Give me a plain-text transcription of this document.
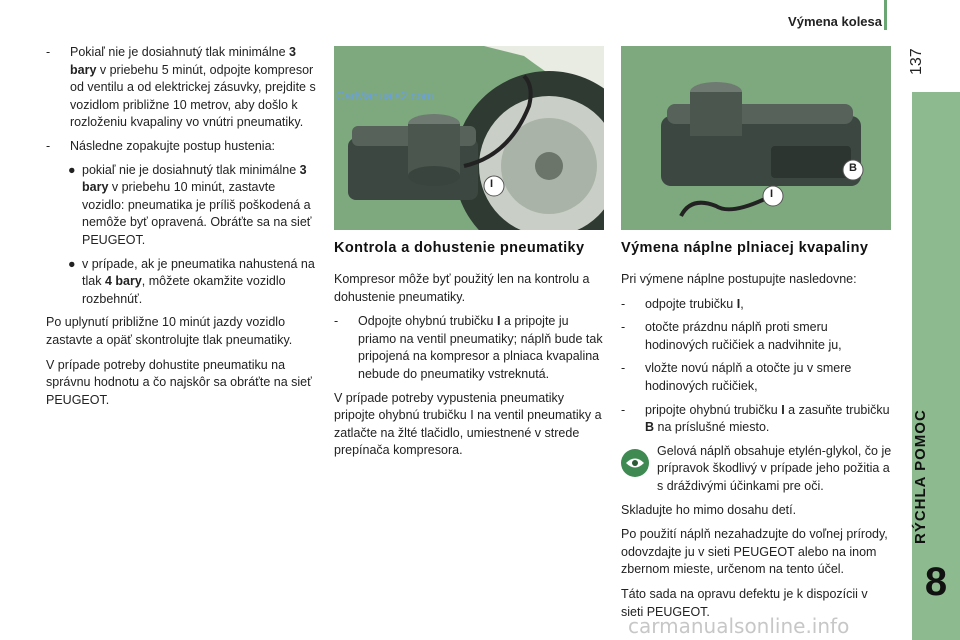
Výmena kolesa
137
RÝCHLA POMOC
8
-	Pokiaľ nie je dosiahnutý tlak minimálne 3 bary v priebehu 5 minút, odpojte kompresor od ventilu a od elektrickej zásuvky, prejdite s vozidlom približne 10 metrov, aby došlo k rozloženiu kvapaliny vo vnútri pneumatiky.
-	Následne zopakujte postup hustenia:
● pokiaľ nie je dosiahnutý tlak minimálne 3 bary v priebehu 10 minút, zastavte vozidlo: pneumatika je príliš poškodená a nemôže byť opravená. Obráťte sa na sieť PEUGEOT.
● v prípade, ak je pneumatika nahustená na tlak 4 bary, môžete okamžite vozidlo rozbehnúť.

Po uplynutí približne 10 minút jazdy vozidlo zastavte a opäť skontrolujte tlak pneumatiky.

V prípade potreby dohustite pneumatiku na správnu hodnotu a čo najskôr sa obráťte na sieť PEUGEOT.

CarManuals2.com
I
B
I
Kontrola a dohustenie pneumatiky

Kompresor môže byť použitý len na kontrolu a dohustenie pneumatiky.

-	Odpojte ohybnú trubičku I a pripojte ju priamo na ventil pneumatiky; náplň bude tak pripojená na kompresor a plniaca kvapalina nebude do pneumatiky vstreknutá.

V prípade potreby vypustenia pneumatiky pripojte ohybnú trubičku I na ventil pneumatiky a zatlačte na žlté tlačidlo, umiestnené v strede prepínača kompresora.

Výmena náplne plniacej kvapaliny

Pri výmene náplne postupujte nasledovne:

-	odpojte trubičku I,
-	otočte prázdnu náplň proti smeru hodinových ručičiek a nadvihnite ju,
-	vložte novú náplň a otočte ju v smere hodinových ručičiek,
-	pripojte ohybnú trubičku I a zasuňte trubičku B na príslušné miesto.
Gelová náplň obsahuje etylén-glykol, čo je prípravok škodlivý v prípade jeho požitia a s dráždivými účinkami pre oči.

Skladujte ho mimo dosahu detí.

Po použití náplň nezahadzujte do voľnej prírody, odovzdajte ju v sieti PEUGEOT alebo na inom zbernom mieste, určenom na tento účel.

Táto sada na opravu defektu je k dispozícii v sieti PEUGEOT.

carmanualsonline.info
